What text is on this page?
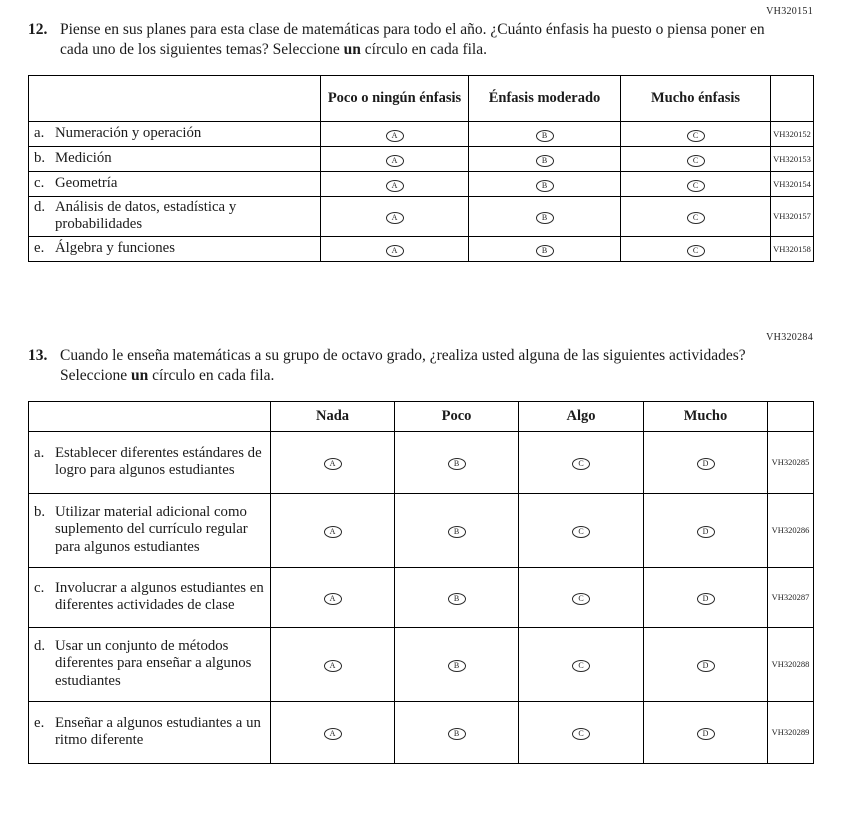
VH320151
12. Piense en sus planes para esta clase de matemáticas para todo el año. ¿Cuánto énfasis ha puesto o piensa poner en cada uno de los siguientes temas? Seleccione un círculo en cada fila.
	Poco o ningún énfasis	Énfasis moderado	Mucho énfasis	

a. Numeración y operación	A	B	C	VH320152

b. Medición	A	B	C	VH320153

c. Geometría	A	B	C	VH320154

d. Análisis de datos, estadística y probabilidades	A	B	C	VH320157

e. Álgebra y funciones	A	B	C	VH320158
VH320284
13. Cuando le enseña matemáticas a su grupo de octavo grado, ¿realiza usted alguna de las siguientes actividades? Seleccione un círculo en cada fila.
	Nada	Poco	Algo	Mucho	

a. Establecer diferentes estándares de logro para algunos estudiantes	A	B	C	D	VH320285

b. Utilizar material adicional como suplemento del currículo regular para algunos estudiantes	A	B	C	D	VH320286

c. Involucrar a algunos estudiantes en diferentes actividades de clase	A	B	C	D	VH320287

d. Usar un conjunto de métodos diferentes para enseñar a algunos estudiantes	A	B	C	D	VH320288

e. Enseñar a algunos estudiantes a un ritmo diferente	A	B	C	D	VH320289
